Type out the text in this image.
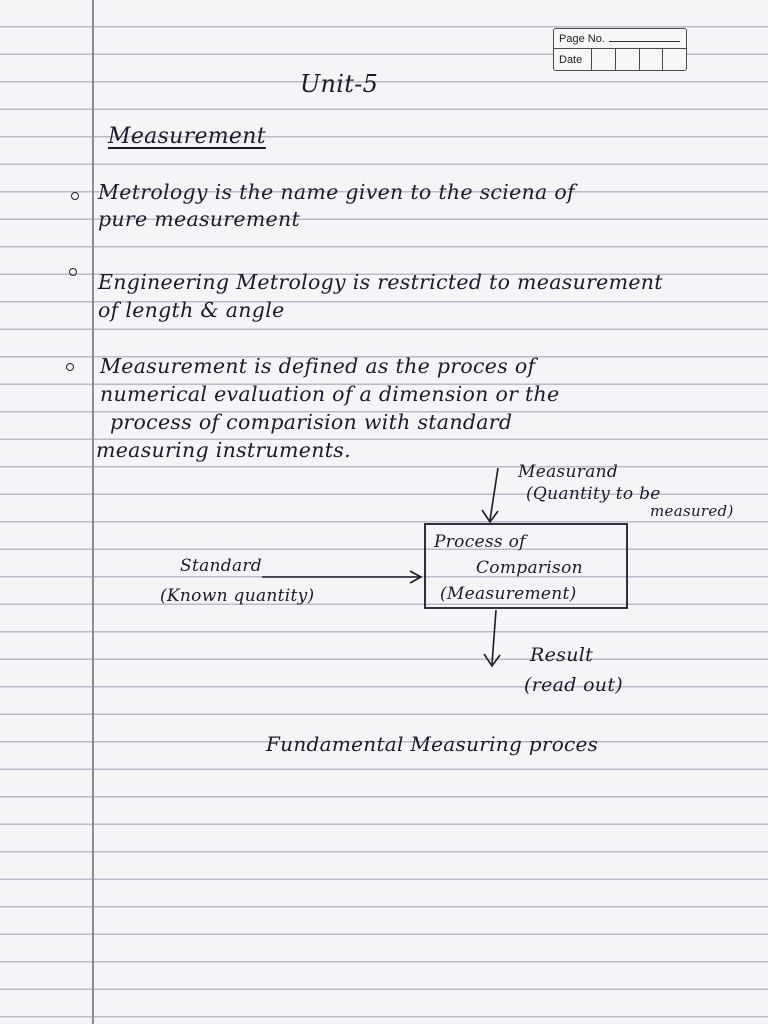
Page No.
Date
Unit-5
Measurement
Metrology is the name given to the sciena of
pure measurement
Engineering Metrology is restricted to measurement
of length & angle
Measurement is defined as the proces of
numerical evaluation of a dimension or the
process of comparision with standard
measuring instruments.
Measurand
(Quantity to be
measured)
Process of
Comparison
(Measurement)
Standard
(Known quantity)
Result
(read out)
Fundamental Measuring proces
